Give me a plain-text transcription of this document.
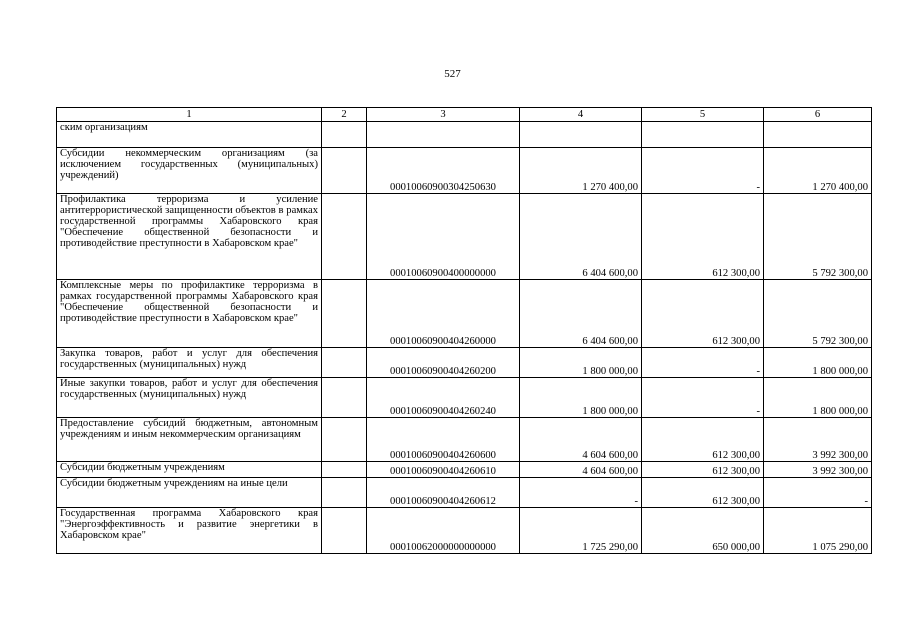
527
1	2	3	4	5	6
ским организациям					
Субсидии некоммерческим организациям (за исключением государственных (муниципальных) учреждений)		00010060900304250630	1 270 400,00	-	1 270 400,00
Профилактика терроризма и усиление антитеррористической защищенности объектов в рамках государственной программы Хабаровского края "Обеспечение общественной безопасности и противодействие преступности в Хабаровском крае"		00010060900400000000	6 404 600,00	612 300,00	5 792 300,00
Комплексные меры по профилактике терроризма в рамках государственной программы Хабаровского края "Обеспечение общественной безопасности и противодействие преступности в Хабаровском крае"		00010060900404260000	6 404 600,00	612 300,00	5 792 300,00
Закупка товаров, работ и услуг для обеспечения государственных (муниципальных) нужд		00010060900404260200	1 800 000,00	-	1 800 000,00
Иные закупки товаров, работ и услуг для обеспечения государственных (муниципальных) нужд		00010060900404260240	1 800 000,00	-	1 800 000,00
Предоставление субсидий бюджетным, автономным учреждениям и иным некоммерческим организациям		00010060900404260600	4 604 600,00	612 300,00	3 992 300,00
Субсидии бюджетным учреждениям		00010060900404260610	4 604 600,00	612 300,00	3 992 300,00
Субсидии бюджетным учреждениям на иные цели		00010060900404260612	-	612 300,00	-
Государственная программа Хабаровского края "Энергоэффективность и развитие энергетики в Хабаровском крае"		00010062000000000000	1 725 290,00	650 000,00	1 075 290,00
